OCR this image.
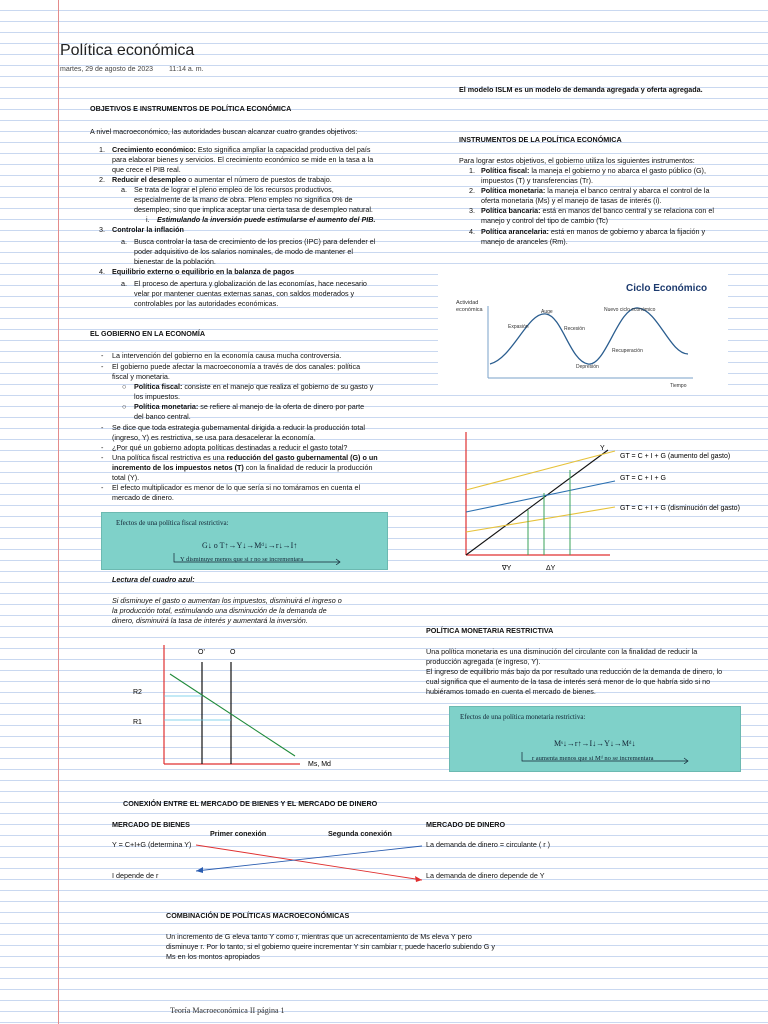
Política económica
martes, 29 de agosto de 2023 11:14 a. m.
OBJETIVOS E INSTRUMENTOS DE POLÍTICA ECONÓMICA
A nivel macroeconómico, las autoridades buscan alcanzar cuatro grandes objetivos:
1. Crecimiento económico: Esto significa ampliar la capacidad productiva del país
para elaborar bienes y servicios. El crecimiento económico se mide en la tasa a la
que crece el PIB real.
2. Reducir el desempleo o aumentar el número de puestos de trabajo.
a. Se trata de lograr el pleno empleo de los recursos productivos,
especialmente de la mano de obra. Pleno empleo no significa 0% de
desempleo, sino que implica aceptar una cierta tasa de desempleo natural.
i. Estimulando la inversión puede estimularse el aumento del PIB.
3. Controlar la inflación
a. Busca controlar la tasa de crecimiento de los precios (IPC) para defender el
poder adquisitivo de los salarios nominales, de modo de mantener el
bienestar de la población.
4. Equilibrio externo o equilibrio en la balanza de pagos
a. El proceso de apertura y globalización de las economías, hace necesario
velar por mantener cuentas externas sanas, con saldos moderados y
controlables por las autoridades económicas.
EL GOBIERNO EN LA ECONOMÍA
- La intervención del gobierno en la economía causa mucha controversia.
- El gobierno puede afectar la macroeconomía a través de dos canales: política
fiscal y monetaria.
○ Política fiscal: consiste en el manejo que realiza el gobierno de su gasto y
los impuestos.
○ Política monetaria: se refiere al manejo de la oferta de dinero por parte
del banco central.
- Se dice que toda estrategia gubernamental dirigida a reducir la producción total
(ingreso, Y) es restrictiva, se usa para desacelerar la economía.
- ¿Por qué un gobierno adopta políticas destinadas a reducir el gasto total?
- Una política fiscal restrictiva es una reducción del gasto gubernamental (G) o un
incremento de los impuestos netos (T) con la finalidad de reducir la producción
total (Y).
- El efecto multiplicador es menor de lo que sería si no tomáramos en cuenta el
mercado de dinero.
Efectos de una política fiscal restrictiva:
G↓ o T↑→Y↓→Mᵈ↓→r↓→I↑
Y disminuye menos que si r no se incrementara
Lectura del cuadro azul:
Si disminuye el gasto o aumentan los impuestos, disminuirá el ingreso o
la producción total, estimulando una disminución de la demanda de
dinero, disminuirá la tasa de interés y aumentará la inversión.
O'	O
R2
R1
Ms, Md
El modelo ISLM es un modelo de demanda agregada y oferta agregada.
INSTRUMENTOS DE LA POLÍTICA ECONÓMICA
Para lograr estos objetivos, el gobierno utiliza los siguientes instrumentos:
1. Política fiscal: la maneja el gobierno y no abarca el gasto público (G),
impuestos (T) y transferencias (Tr).
2. Política monetaria: la maneja el banco central y abarca el control de la
oferta monetaria (Ms) y el manejo de tasas de interés (i).
3. Política bancaria: está en manos del banco central y se relaciona con el
manejo y control del tipo de cambio (Tc)
4. Política arancelaria: está en manos de gobierno y abarca la fijación y
manejo de aranceles (Rm).
Ciclo Económico
Actividad
económica
Tiempo
Expasión
Auge
Recesión
Nuevo ciclo económico
Recuperación
Depresión
Y
GT = C + I + G (aumento del gasto)
GT = C + I + G
GT = C + I + G (disminución del gasto)
∇Y	ΔY
POLÍTICA MONETARIA RESTRICTIVA
Una política monetaria es una disminución del circulante con la finalidad de reducir la
producción agregada (e ingreso, Y).
El ingreso de equilibrio más bajo da por resultado una reducción de la demanda de dinero, lo
cual significa que el aumento de la tasa de interés será menor de lo que habría sido si no
hubiéramos tomado en cuenta el mercado de bienes.
Efectos de una política monetaria restrictiva:
Mˢ↓→r↑→I↓→Y↓→Mᵈ↓
r aumenta menos que si Mᵈ no se incrementara
CONEXIÓN ENTRE EL MERCADO DE BIENES Y EL MERCADO DE DINERO
MERCADO DE BIENES	MERCADO DE DINERO
Primer conexión	Segunda conexión
Y = C+I+G (determina Y)	La demanda de dinero = circulante ( r )
I depende de r	La demanda de dinero depende de Y
COMBINACIÓN DE POLÍTICAS MACROECONÓMICAS
Un incremento de G eleva tanto Y como r, mientras que un acrecentamiento de Ms eleva Y pero
disminuye r. Por lo tanto, si el gobierno queire incrementar Y sin cambiar r, puede hacerlo subiendo G y
Ms en los montos apropiados
Teoría Macroeconómica II página 1
